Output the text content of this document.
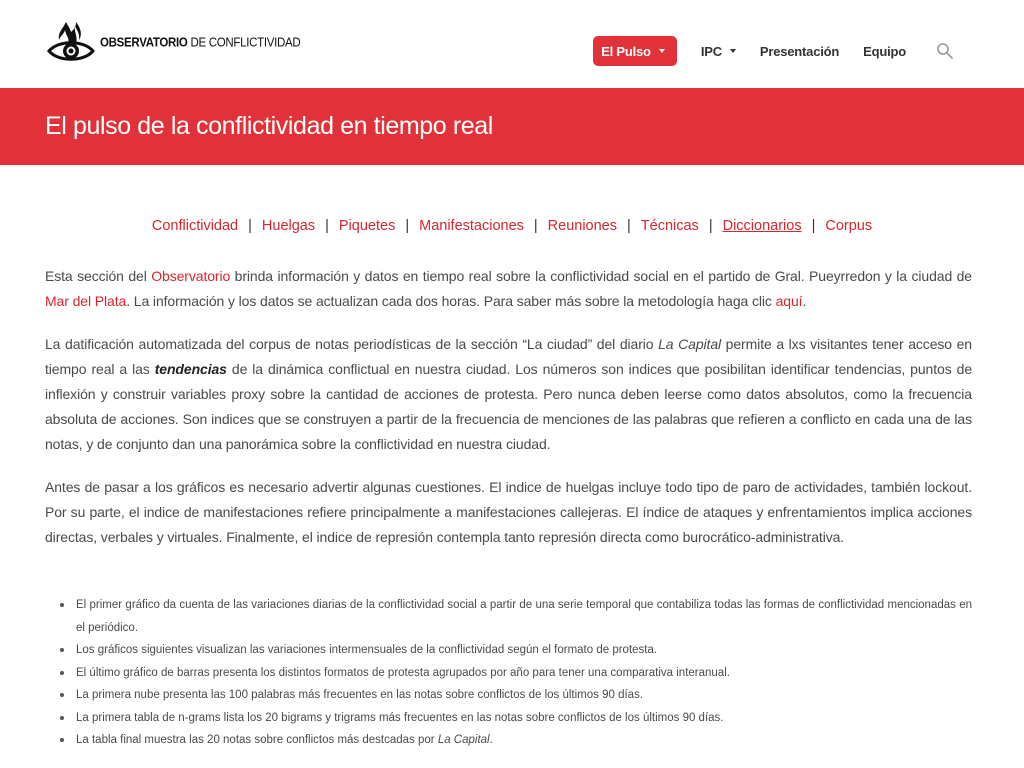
OBSERVATORIO DE CONFLICTIVIDAD
El Pulso	IPC	Presentación Equipo
El pulso de la conflictividad en tiempo real
Conflictividad | Huelgas | Piquetes | Manifestaciones | Reuniones | Técnicas | Diccionarios | Corpus

Esta sección del Observatorio brinda información y datos en tiempo real sobre la conflictividad social en el partido de Gral. Pueyrredon y la ciudad de Mar del Plata. La información y los datos se actualizan cada dos horas. Para saber más sobre la metodología haga clic aquí.

La datificación automatizada del corpus de notas periodísticas de la sección “La ciudad” del diario La Capital permite a lxs visitantes tener acceso en tiempo real a las tendencias de la dinámica conflictual en nuestra ciudad. Los números son indices que posibilitan identificar tendencias, puntos de inflexión y construir variables proxy sobre la cantidad de acciones de protesta. Pero nunca deben leerse como datos absolutos, como la frecuencia absoluta de acciones. Son indices que se construyen a partir de la frecuencia de menciones de las palabras que refieren a conflicto en cada una de las notas, y de conjunto dan una panorámica sobre la conflictividad en nuestra ciudad.

Antes de pasar a los gráficos es necesario advertir algunas cuestiones. El indice de huelgas incluye todo tipo de paro de actividades, también lockout. Por su parte, el indice de manifestaciones refiere principalmente a manifestaciones callejeras. El índice de ataques y enfrentamientos implica acciones directas, verbales y virtuales. Finalmente, el indice de represión contempla tanto represión directa como burocrático-administrativa.

El primer gráfico da cuenta de las variaciones diarias de la conflictividad social a partir de una serie temporal que contabiliza todas las formas de conflictividad mencionadas en el periódico.
Los gráficos siguientes visualizan las variaciones intermensuales de la conflictividad según el formato de protesta.
El último gráfico de barras presenta los distintos formatos de protesta agrupados por año para tener una comparativa interanual.
La primera nube presenta las 100 palabras más frecuentes en las notas sobre conflictos de los últimos 90 días.
La primera tabla de n-grams lista los 20 bigrams y trigrams más frecuentes en las notas sobre conflictos de los últimos 90 días.
La tabla final muestra las 20 notas sobre conflictos más destcadas por La Capital.
